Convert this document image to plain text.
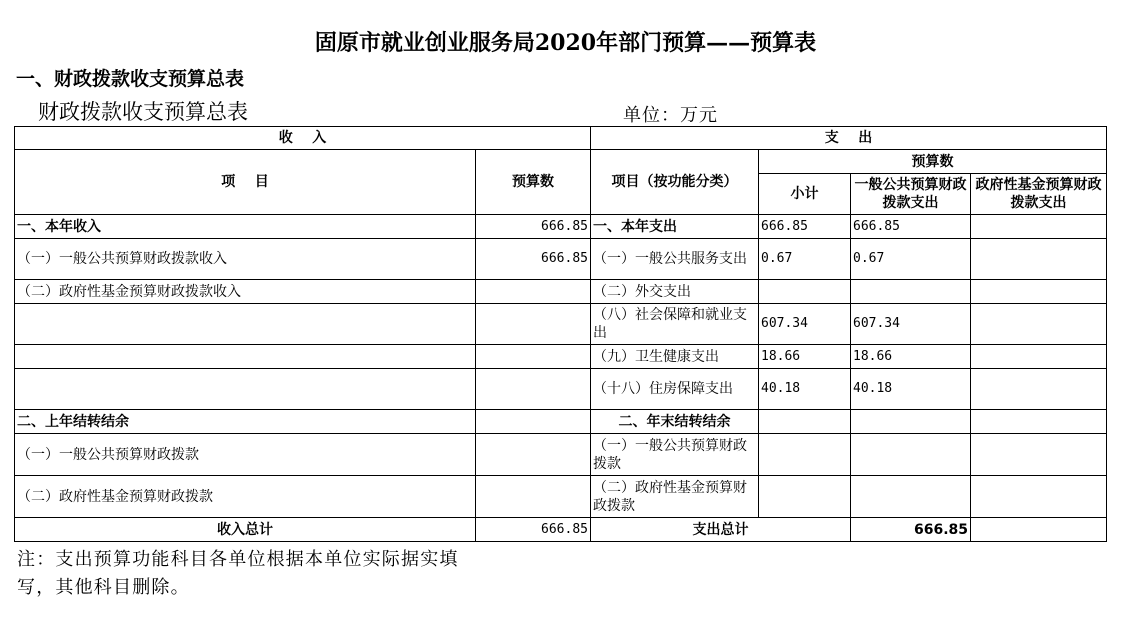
固原市就业创业服务局2020年部门预算——预算表
一、财政拨款收支预算总表
财政拨款收支预算总表	单位：万元
收    入		支    出			
项    目	预算数	项目（按功能分类）	预算数		
			小计	一般公共预算财政拨款支出	政府性基金预算财政拨款支出
一、本年收入	666.85	一、本年支出	666.85	666.85	
（一）一般公共预算财政拨款收入	666.85	（一）一般公共服务支出	0.67	0.67	
（二）政府性基金预算财政拨款收入		（二）外交支出			
		（八）社会保障和就业支出	607.34	607.34	
		（九）卫生健康支出	18.66	18.66	
		（十八）住房保障支出	40.18	40.18	
二、上年结转结余		二、年末结转结余			
（一）一般公共预算财政拨款		（一）一般公共预算财政拨款			
（二）政府性基金预算财政拨款		（二）政府性基金预算财政拨款			
收入总计	666.85	支出总计		666.85	
注：支出预算功能科目各单位根据本单位实际据实填写，其他科目删除。
